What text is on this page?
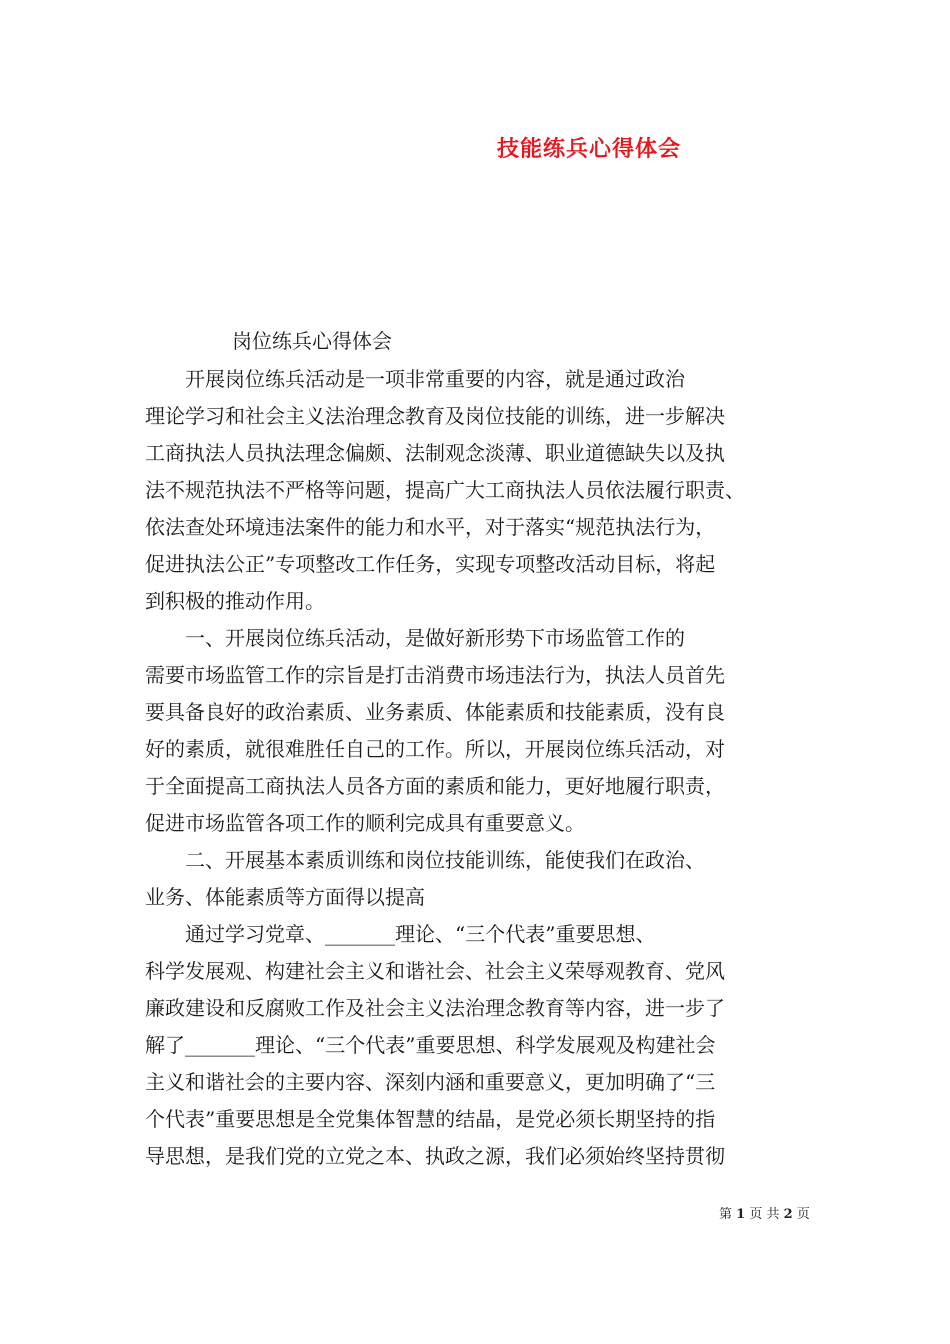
技能练兵心得体会

岗位练兵心得体会

　　开展岗位练兵活动是一项非常重要的内容，就是通过政治

理论学习和社会主义法治理念教育及岗位技能的训练，进一步解决

工商执法人员执法理念偏颇、法制观念淡薄、职业道德缺失以及执

法不规范执法不严格等问题，提高广大工商执法人员依法履行职责、

依法查处环境违法案件的能力和水平，对于落实“规范执法行为，

促进执法公正”专项整改工作任务，实现专项整改活动目标，将起

到积极的推动作用。

　　一、开展岗位练兵活动，是做好新形势下市场监管工作的

需要市场监管工作的宗旨是打击消费市场违法行为，执法人员首先

要具备良好的政治素质、业务素质、体能素质和技能素质，没有良

好的素质，就很难胜任自己的工作。所以，开展岗位练兵活动，对

于全面提高工商执法人员各方面的素质和能力，更好地履行职责，

促进市场监管各项工作的顺利完成具有重要意义。

　　二、开展基本素质训练和岗位技能训练，能使我们在政治、

业务、体能素质等方面得以提高

　　通过学习党章、_______理论、“三个代表”重要思想、

科学发展观、构建社会主义和谐社会、社会主义荣辱观教育、党风

廉政建设和反腐败工作及社会主义法治理念教育等内容，进一步了

解了_______理论、“三个代表”重要思想、科学发展观及构建社会

主义和谐社会的主要内容、深刻内涵和重要意义，更加明确了“三

个代表”重要思想是全党集体智慧的结晶，是党必须长期坚持的指

导思想，是我们党的立党之本、执政之源，我们必须始终坚持贯彻

第 1 页 共 2 页
